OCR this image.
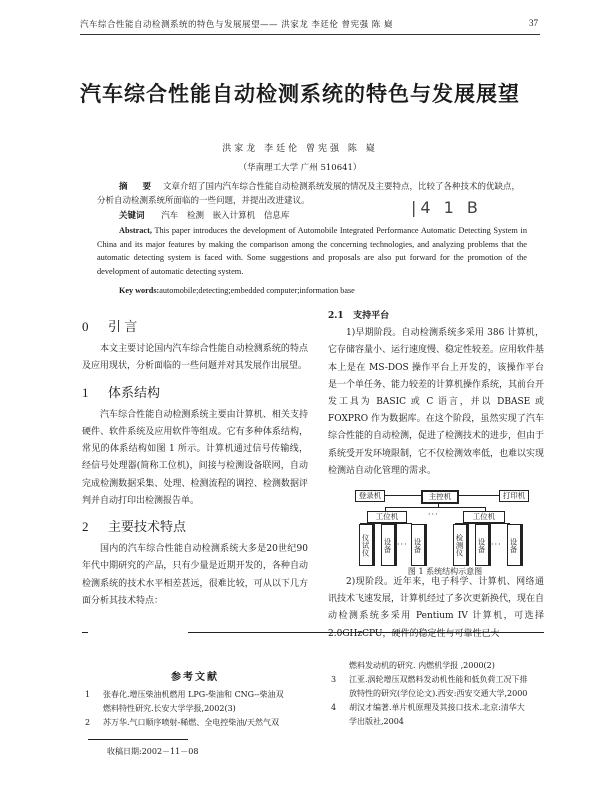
汽车综合性能自动检测系统的特色与发展展望—— 洪家龙 李廷伦 曾宪强 陈 嶷	37
汽车综合性能自动检测系统的特色与发展展望
洪家龙 李廷伦 曾宪强 陈 嶷
（华南理工大学 广州 510641）
摘 要 文章介绍了国内汽车综合性能自动检测系统发展的情况及主要特点，比较了各种技术的优缺点，分析自动检测系统所面临的一些问题，并提出改进建议。
关键词 汽车 检测 嵌入计算机 信息库	|4 1 B
Abstract, This paper introduces the development of Automobile Integrated Performance Automatic Detecting System in China and its major features by making the comparison among the concerning technologies, and analyzing problems that the automatic detecting system is faced with. Some suggestions and proposals are also put forward for the promotion of the development of automatic detecting system.
Key words:automobile;detecting;embedded computer;information base
0 引 言

本文主要讨论国内汽车综合性能自动检测系统的特点及应用现状，分析面临的一些问题并对其发展作出展望。

1 体系结构

汽车综合性能自动检测系统主要由计算机、相关支持硬件、软件系统及应用软件等组成。它有多种体系结构，常见的体系结构如图 1 所示。计算机通过信号传输线，经信号处理器(简称工位机)，间接与检测设备联网，自动完成检测数据采集、处理、检测流程的调控、检测数据评判并自动打印出检测报告单。

2 主要技术特点

国内的汽车综合性能自动检测系统大多是20世纪90年代中期研究的产品，只有少量是近期开发的，各种自动检测系统的技术水平相差甚远，很难比较，可从以下几方面分析其技术特点：

2.1 支持平台

1)早期阶段。自动检测系统多采用 386 计算机，它存储容量小、运行速度慢、稳定性较差。应用软件基本上是在 MS-DOS 操作平台上开发的，该操作平台是一个单任务、能力较差的计算机操作系统，其前台开发工具为 BASIC 或 C 语言，并以 DBASE 或 FOXPRO 作为数据库。在这个阶段，虽然实现了汽车综合性能的自动检测，促进了检测技术的进步，但由于系统受开发环境限制，它不仅检测效率低，也难以实现检测站自动化管理的需求。

登录机	主控机	打印机
工位机	···	工位机
仪试仪	设备 ··· 设备	检测仪	设备 ··· 设备
图 1 系统结构示意图

2)现阶段。近年来，电子科学、计算机、网络通讯技术飞速发展，计算机经过了多次更新换代，现在自动检测系统多采用 Pentium IV 计算机，可选择2.0GHzCPU，硬件的稳定性与可靠性已大

参考文献
1 张春化.增压柴油机燃用 LPG-柴油和 CNG--柴油双
燃料特性研究.长安大学学报,2002(3)
2 苏万华.气口顺序喷射-稀燃、全电控柴油/天然气双
燃料发动机的研究. 内燃机学报 ,2000(2)
3 江亚.涡轮增压双燃料发动机性能和低负荷工况下排
放特性的研究(学位论文).西安:西安交通大学,2000
4 胡汉才编著.单片机原理及其接口技术.北京:清华大
学出版社,2004
收稿日期:2002－11－08
